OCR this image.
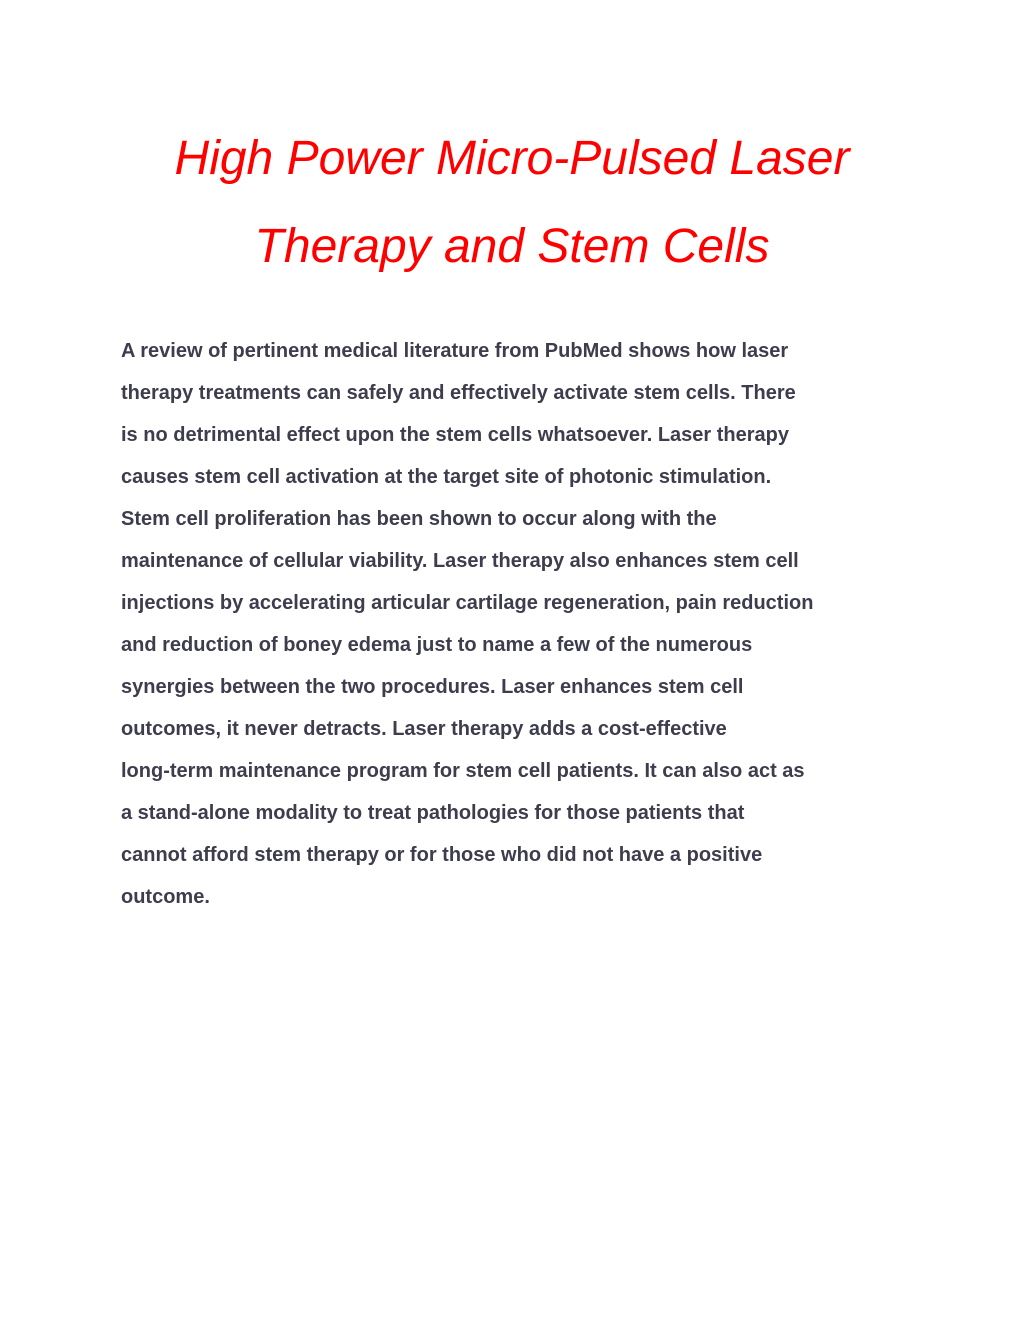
High Power Micro-Pulsed Laser
Therapy and Stem Cells

A review of pertinent medical literature from PubMed shows how laser
therapy treatments can safely and effectively activate stem cells. There
is no detrimental effect upon the stem cells whatsoever. Laser therapy
causes stem cell activation at the target site of photonic stimulation.
Stem cell proliferation has been shown to occur along with the
maintenance of cellular viability. Laser therapy also enhances stem cell
injections by accelerating articular cartilage regeneration, pain reduction
and reduction of boney edema just to name a few of the numerous
synergies between the two procedures. Laser enhances stem cell
outcomes, it never detracts. Laser therapy adds a cost-effective
long-term maintenance program for stem cell patients. It can also act as
a stand-alone modality to treat pathologies for those patients that
cannot afford stem therapy or for those who did not have a positive
outcome.
